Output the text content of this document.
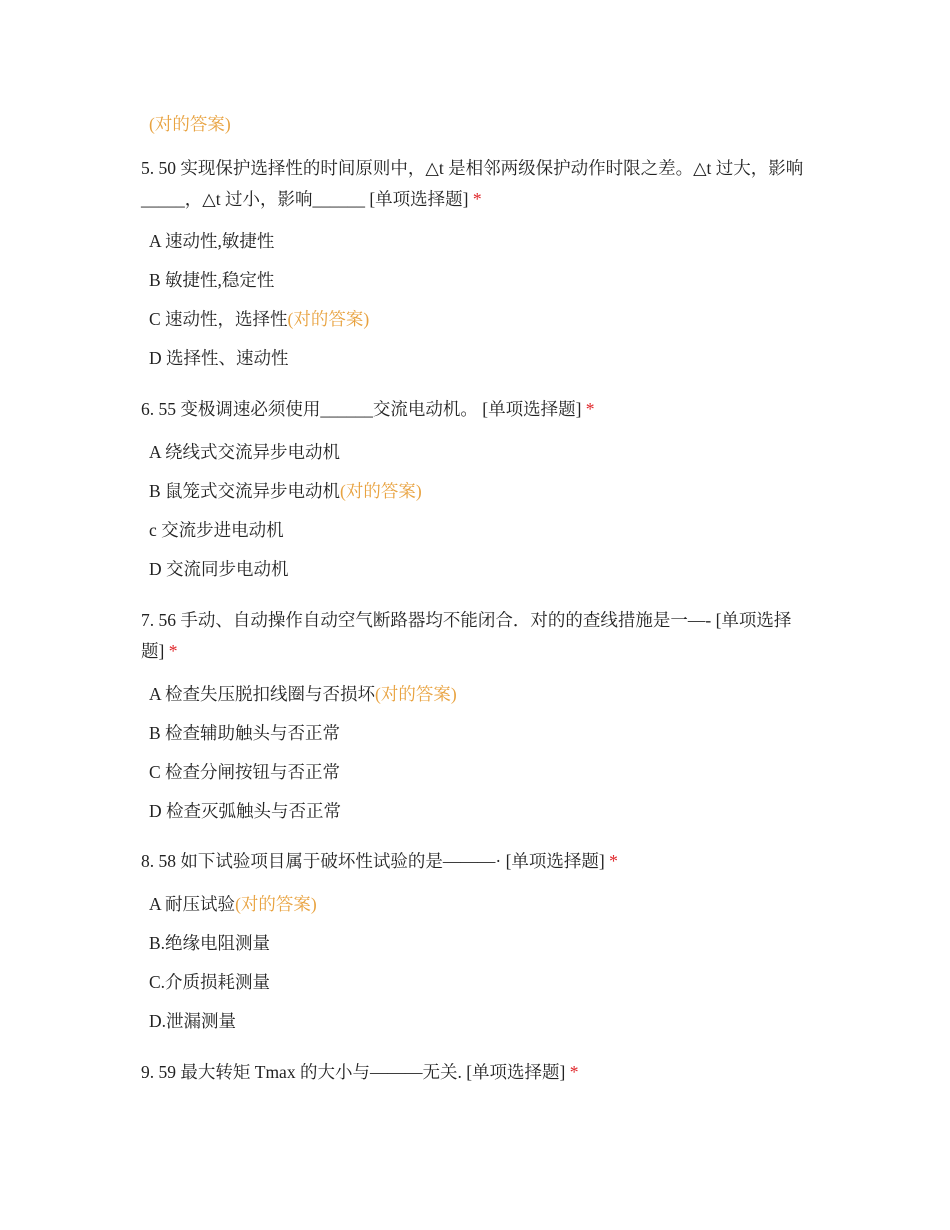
(对的答案)
5. 50 实现保护选择性的时间原则中，△t 是相邻两级保护动作时限之差。△t 过大，影响_____，△t 过小，影响______ [单项选择题] *
A 速动性,敏捷性
B 敏捷性,稳定性
C 速动性，选择性(对的答案)
D 选择性、速动性
6. 55 变极调速必须使用______交流电动机。 [单项选择题] *
A 绕线式交流异步电动机
B 鼠笼式交流异步电动机(对的答案)
c 交流步进电动机
D 交流同步电动机
7. 56 手动、自动操作自动空气断路器均不能闭合．对的的查线措施是一—- [单项选择题] *
A 检查失压脱扣线圈与否损坏(对的答案)
B 检查辅助触头与否正常
C 检查分闸按钮与否正常
D 检查灭弧触头与否正常
8. 58 如下试验项目属于破坏性试验的是———· [单项选择题] *
A 耐压试验(对的答案)
B.绝缘电阻测量
C.介质损耗测量
D.泄漏测量
9. 59 最大转矩 Tmax 的大小与———无关. [单项选择题] *
